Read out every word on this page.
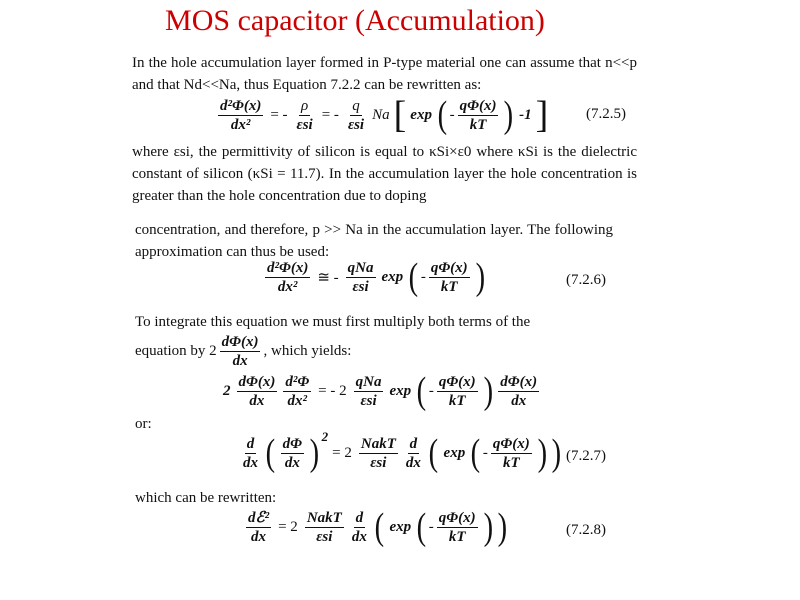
MOS capacitor (Accumulation)
In the hole accumulation layer formed in P-type material one can assume that n<<p and that Nd<<Na, thus Equation 7.2.2 can be rewritten as:
$\frac{\text{d²Φ(x)}}{\text{dx²}}$ = - $\frac{\rho}{\text{εsi}}$ = - $\frac{q}{\text{εsi}}$ Na [ exp ( - $\frac{q\Phi(x)}{kT}$ ) -1 ]	(7.2.5)
where εsi, the permittivity of silicon is equal to κSi×ε0 where κSi is the dielectric constant of silicon (κSi = 11.7). In the accumulation layer the hole concentration is greater than the hole concentration due to doping
concentration, and therefore, p >> Na in the accumulation layer. The following approximation can thus be used:
$\frac{\text{d²Φ(x)}}{\text{dx²}}$ ≅ - $\frac{\text{qNa}}{\text{εsi}}$ exp ( - $\frac{q\Phi(x)}{kT}$ )	(7.2.6)
To integrate this equation we must first multiply both terms of the
equation by $2 \frac{d\Phi(x)}{dx}$ , which yields:
$2 \frac{d\Phi(x)}{dx} \frac{\text{d²Φ}}{\text{dx²}}$ = - $2 \frac{\text{qNa}}{\text{εsi}}$ exp ( - $\frac{q\Phi(x)}{kT}$ ) $\frac{d\Phi(x)}{dx}$
or:
$\frac{d}{dx}$ ( $\frac{d\Phi}{dx}$ ) 2
= $2 \frac{\text{NakT}}{\text{εsi}} \frac{d}{dx}$ ( exp ( - $\frac{q\Phi(x)}{kT}$ ) ) (7.2.7)
which can be rewritten:
$\frac{\text{dℰ²}}{dx} = 2 \frac{\text{NakT}}{\text{εsi}} \frac{d}{dx}$ ( exp ( - $\frac{q\Phi(x)}{kT}$ ) )	(7.2.8)
